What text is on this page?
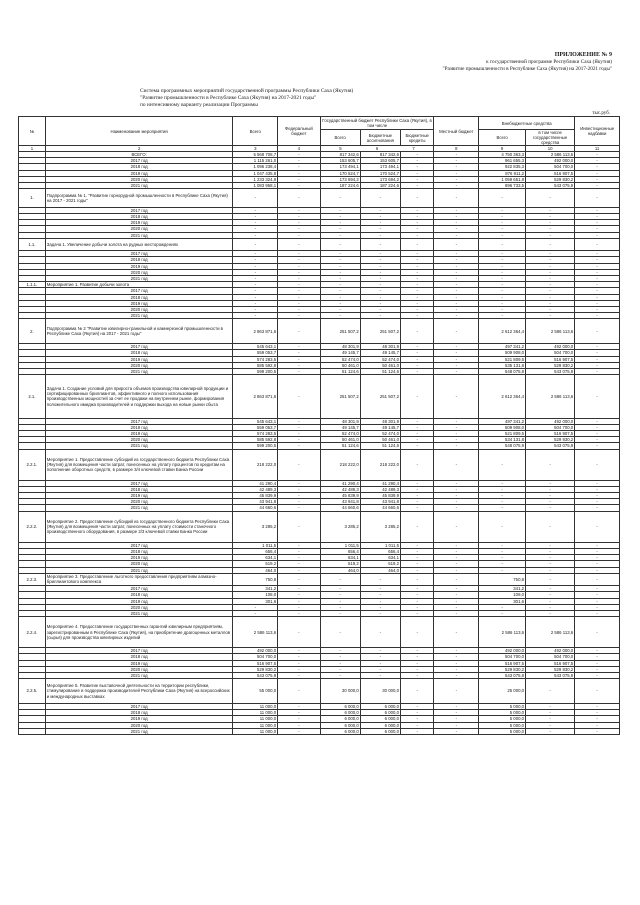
ПРИЛОЖЕНИЕ № 9
к государственной программе Республики Саха (Якутия)
"Развитие промышленности в Республике Саха (Якутия) на 2017-2021 годы"
Система программных мероприятий государственной программы Республики Саха (Якутия)
"Развитие промышленности в Республике Саха (Якутия) на 2017-2021 годы"
по интенсивному варианту реализации Программы
тыс.руб.
№	Наименование мероприятия	Всего	Федеральный бюджет	Государственный бюджет Республики Саха (Якутия), в том числе			Местный бюджет	Внебюджетные средства		Инвестиционные надбавки
				Всего	Бюджетные ассигнования	Бюджетные кредиты		Всего	в том числе государственные средства	
1	2	3	4	5 6 7			8	9	10	11
	ВСЕГО:	5 568 708,7	-	817 342,6	817 342,6	-	-	4 750 363,3	2 586 113,6	-
	2017 год	1 115 261,0	-	153 605,7	153 605,7	-	-	961 655,3	492 000,0	-
	2018 год	1 096 238,4	-	173 494,1	173 494,1	-	-	922 835,3	504 700,0	-
	2019 год	1 047 435,8	-	170 524,7	170 524,7	-	-	876 911,2	516 907,5	-
	2020 год	1 233 324,9	-	173 694,2	173 694,2	-	-	1 059 651,8	529 830,2	-
	2021 год	1 083 958,1	-	187 224,6	187 224,6	-	-	896 733,5	543 075,9	-
1.	Подпрограмма № 1. "Развитие горнорудной промышленности в Республике Саха (Якутия) на 2017 - 2021 годы"	-	-	-	-	-	-	-	-	-
	2017 год	-	-	-	-	-	-	-	-	-
	2018 год	-	-	-	-	-	-	-	-	-
	2019 год	-	-	-	-	-	-	-	-	-
	2020 год	-	-	-	-	-	-	-	-	-
	2021 год	-	-	-	-	-	-	-	-	-
1.1.	Задача 1. Увеличение добычи золота на рудных месторождениях	-	-	-	-	-	-	-	-	-
	2017 год	-	-	-	-	-	-	-	-	-
	2018 год	-	-	-	-	-	-	-	-	-
	2019 год	-	-	-	-	-	-	-	-	-
	2020 год	-	-	-	-	-	-	-	-	-
	2021 год	-	-	-	-	-	-	-	-	-
1.1.1.	Мероприятие 1. Развитие добычи золота	-	-	-	-	-	-	-	-	-
	2017 год	-	-	-	-	-	-	-	-	-
	2018 год	-	-	-	-	-	-	-	-	-
	2019 год	-	-	-	-	-	-	-	-	-
	2020 год	-	-	-	-	-	-	-	-	-
	2021 год	-	-	-	-	-	-	-	-	-
2.	Подпрограмма № 2 "Развитие ювелирно-гранильной и камнерезной промышленности в Республике Саха (Якутия) на 2017 - 2021 годы"	2 863 871,6	-	251 507,2	251 507,2	-	-	2 612 364,4	2 586 113,6	-
	2017 год	545 643,1	-	48 301,9	48 301,9	-	-	497 341,2	492 000,0	-
	2018 год	559 053,7	-	49 145,7	49 145,7	-	-	509 908,0	504 700,0	-
	2019 год	574 283,5	-	52 474,0	52 474,0	-	-	521 809,5	516 907,5	-
	2020 год	585 592,8	-	50 461,0	50 461,0	-	-	535 131,8	529 830,2	-
	2021 год	599 200,5	-	51 124,6	51 124,6	-	-	548 075,9	543 075,9	-
2.1.	Задача 1. Создание условий для прироста объемов производства ювелирной продукции и сертифицированных бриллиантов, эффективного и полного использования производственных мощностей за счет ее продажи на внутреннем рынке, формирования положительного имиджа производителей и поддержки выхода на новые рынки сбыта	2 863 871,6	-	251 507,2	251 507,2	-	-	2 612 364,4	2 586 113,6	-
	2017 год	545 643,1	-	48 301,9	48 301,9	-	-	497 341,2	492 000,0	-
	2018 год	559 053,7	-	49 145,7	49 145,7	-	-	509 908,0	504 700,0	-
	2019 год	574 283,5	-	52 474,0	52 474,0	-	-	521 809,5	516 907,5	-
	2020 год	585 592,8	-	50 461,0	50 461,0	-	-	534 131,8	529 830,2	-
	2021 год	599 200,5	-	51 124,6	51 124,6	-	-	548 075,9	543 075,9	-
2.2.1.	Мероприятие 1. Предоставление субсидий из государственного бюджета Республики Саха (Якутия) для возмещения части затрат, понесенных на уплату процентов по кредитам на пополнение оборотных средств, в размере 3/4 ключевой ставки Банка России	218 222,0	-	218 222,0	218 222,0	-	-	-	-	-
	2017 год	41 290,4	-	41 290,4	41 290,4	-	-	-	-	-
	2018 год	42 489,3	-	42 489,3	42 489,3	-	-	-	-	-
	2019 год	45 839,9	-	45 839,9	45 839,9	-	-	-	-	-
	2020 год	43 941,8	-	43 941,8	43 941,8	-	-	-	-	-
	2021 год	44 660,6	-	44 660,6	44 660,6	-	-	-	-	-
2.2.2.	Мероприятие 2. Предоставление субсидий из государственного бюджета Республики Саха (Якутия) для возмещения части затрат, понесенных на уплату стоимости станочного производственного оборудования, в размере 2/3 ключевой ставки Банка России	3 285,2	-	3 285,2	3 285,2	-	-	-	-	-
	2017 год	1 011,5	-	1 011,5	1 011,5	-	-	-	-	-
	2018 год	656,4	-	656,4	656,4	-	-	-	-	-
	2019 год	634,1	-	634,1	634,1	-	-	-	-	-
	2020 год	519,2	-	519,2	519,2	-	-	-	-	-
	2021 год	464,0	-	464,0	464,0	-	-	-	-	-
2.2.3.	Мероприятие 3. Предоставление льготного предоставления предприятиям алмазно-бриллиантового комплекса	750,8	-	-	-	-	-	750,8	-	-
	2017 год	341,2	-	-	-	-	-	341,2	-	-
	2018 год	108,0	-	-	-	-	-	108,0	-	-
	2019 год	301,6	-	-	-	-	-	301,6	-	-
	2020 год	-	-	-	-	-	-	-	-	-
	2021 год	-	-	-	-	-	-	-	-	-
2.2.4.	Мероприятие 4. Предоставление государственных гарантий ювелирным предприятиям, зарегистрированным в Республике Саха (Якутия), на приобретение драгоценных металлов (сырья) для производства ювелирных изделий	2 586 113,6	-	-	-	-	-	2 586 113,6	2 586 113,6	-
	2017 год	492 000,0	-	-	-	-	-	492 000,0	492 000,0	-
	2018 год	504 700,0	-	-	-	-	-	504 700,0	504 700,0	-
	2019 год	516 907,5	-	-	-	-	-	516 907,5	516 907,5	-
	2020 год	529 830,2	-	-	-	-	-	529 830,2	529 830,2	-
	2021 год	543 075,9	-	-	-	-	-	543 075,9	543 075,9	-
2.2.5.	Мероприятие 5. Развитие выставочной деятельности на территории республики, стимулирование и поддержка производителей Республики Саха (Якутия) на всероссийских и международных выставках	55 000,0	-	30 000,0	30 000,0	-	-	25 000,0	-	-
	2017 год	11 000,0	-	6 000,0	6 000,0	-	-	5 000,0	-	-
	2018 год	11 000,0	-	6 000,0	6 000,0	-	-	5 000,0	-	-
	2019 год	11 000,0	-	6 000,0	6 000,0	-	-	5 000,0	-	-
	2020 год	11 000,0	-	6 000,0	6 000,0	-	-	5 000,0	-	-
	2021 год	11 000,0	-	6 000,0	6 000,0	-	-	5 000,0	-	-
